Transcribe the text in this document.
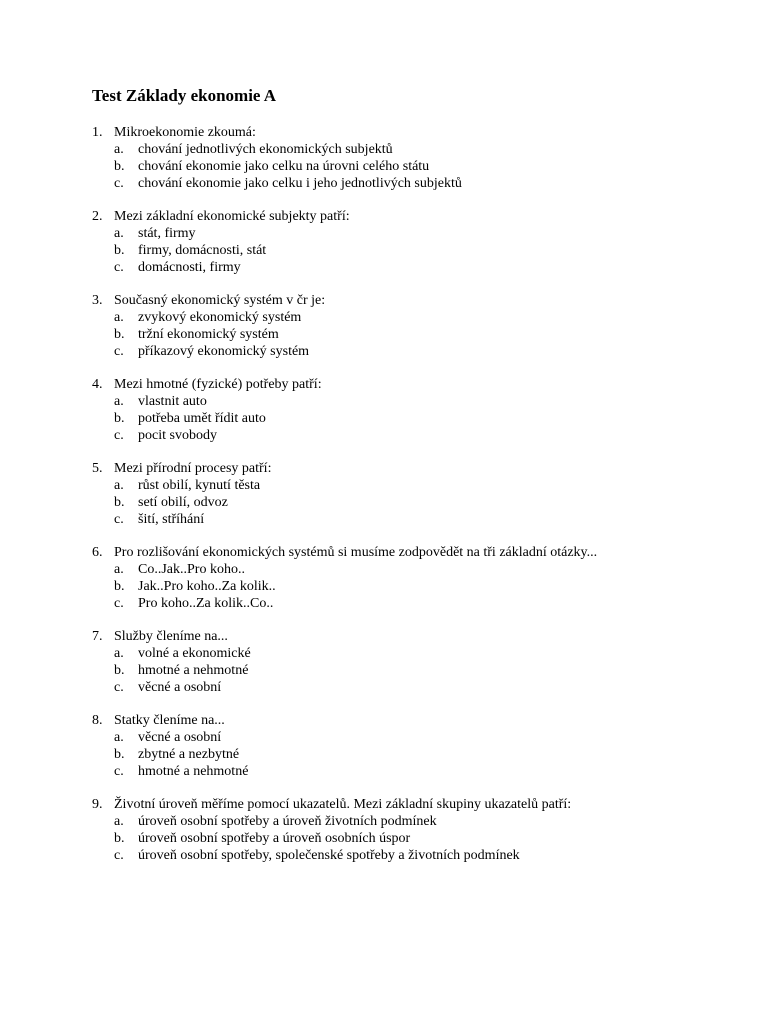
Test Základy ekonomie A
1. Mikroekonomie zkoumá:
a. chování jednotlivých ekonomických subjektů
b. chování ekonomie jako celku na úrovni celého státu
c. chování ekonomie jako celku i jeho jednotlivých subjektů
2. Mezi základní ekonomické subjekty patří:
a. stát, firmy
b. firmy, domácnosti, stát
c. domácnosti, firmy
3. Současný ekonomický systém v čr je:
a. zvykový ekonomický systém
b. tržní ekonomický systém
c. příkazový ekonomický systém
4. Mezi hmotné (fyzické) potřeby patří:
a. vlastnit auto
b. potřeba umět řídit auto
c. pocit svobody
5. Mezi přírodní procesy patří:
a. růst obilí, kynutí těsta
b. setí obilí, odvoz
c. šití, stříhání
6. Pro rozlišování ekonomických systémů si musíme zodpovědět na tři základní otázky...
a. Co..Jak..Pro koho..
b. Jak..Pro koho..Za kolik..
c. Pro koho..Za kolik..Co..
7. Služby členíme na...
a. volné a ekonomické
b. hmotné a nehmotné
c. věcné a osobní
8. Statky členíme na...
a. věcné a osobní
b. zbytné a nezbytné
c. hmotné a nehmotné
9. Životní úroveň měříme pomocí ukazatelů. Mezi základní skupiny ukazatelů patří:
a. úroveň osobní spotřeby a úroveň životních podmínek
b. úroveň osobní spotřeby a úroveň osobních úspor
c. úroveň osobní spotřeby, společenské spotřeby a životních podmínek
